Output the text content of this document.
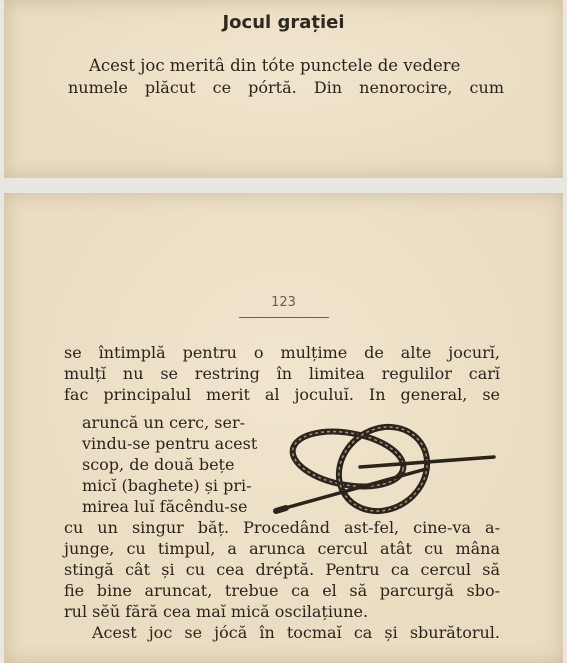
Jocul grației
Acest joc meritâ din tóte punctele de vedere
numele plăcut ce pórtă. Din nenorocire, cum
123
se întimplă pentru o mulțime de alte jocurĭ,
mulțĭ nu se restring în limitea regulilor carĭ
fac principalul merit al joculuĭ. In general, se
aruncă un cerc, ser-
vindu-se pentru acest
scop, de două bețe
micĭ (baghete) și pri-
mirea luĭ făcêndu-se
cu un singur băț. Procedând ast-fel, cine-va a-
junge, cu timpul, a arunca cercul atât cu mâna
stingă cât și cu cea dréptă. Pentru ca cercul să
fie bine aruncat, trebue ca el să parcurgă sbo-
rul sĕŭ fără cea maĭ mică oscilațiune.
Acest joc se jócă în tocmaĭ ca și sburătorul.
